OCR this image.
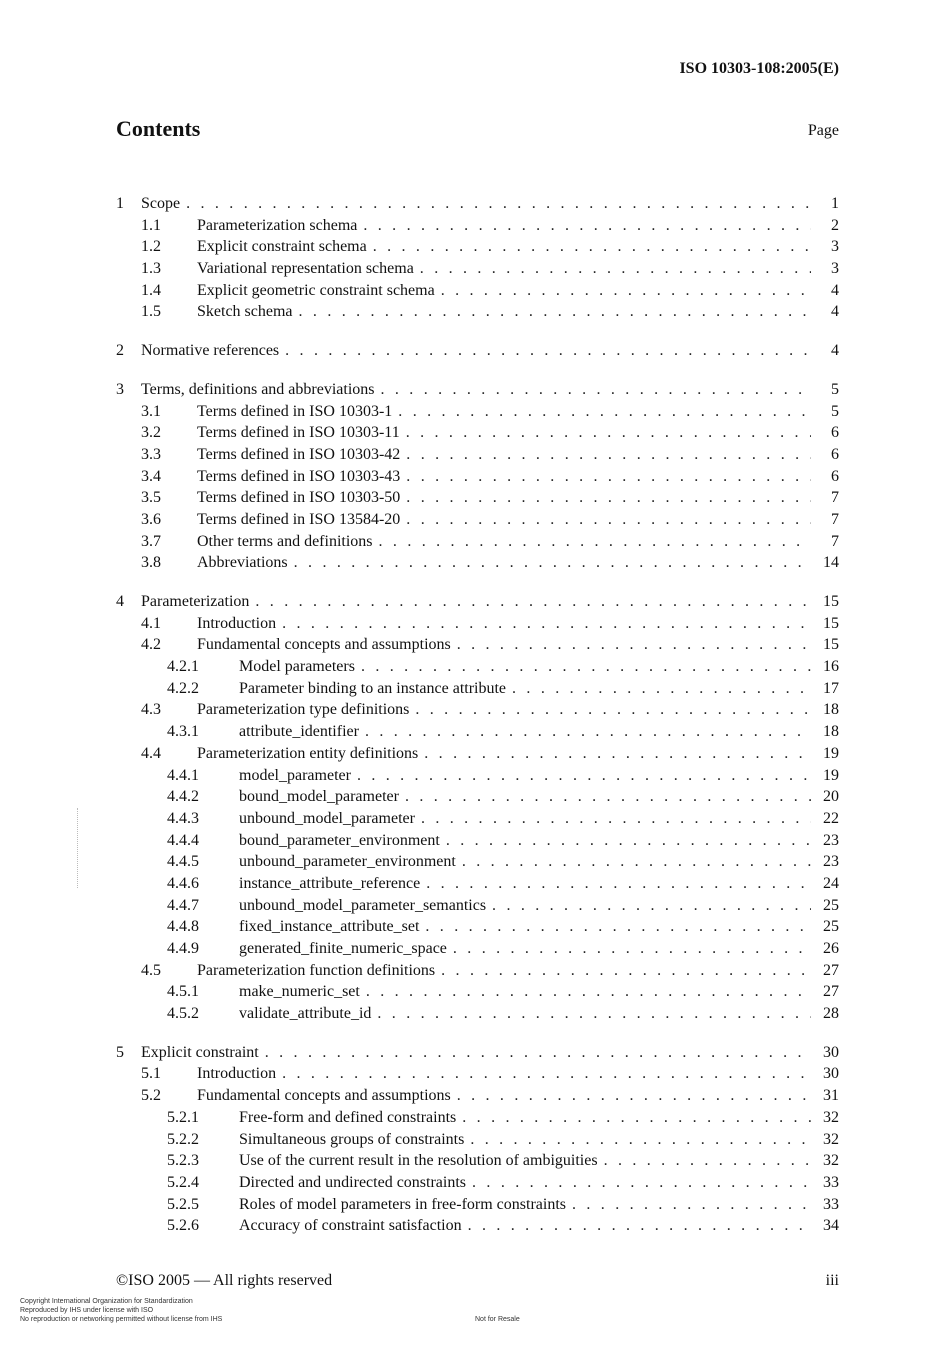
ISO 10303-108:2005(E)

Contents	Page
1	Scope . . .	1
1.1	Parameterization schema . . .	2
1.2	Explicit constraint schema . . .	3
1.3	Variational representation schema . . .	3
1.4	Explicit geometric constraint schema . . .	4
1.5	Sketch schema . . .	4
2	Normative references . . .	4
3	Terms, definitions and abbreviations . . .	5
3.1	Terms defined in ISO 10303-1 . . .	5
3.2	Terms defined in ISO 10303-11 . . .	6
3.3	Terms defined in ISO 10303-42 . . .	6
3.4	Terms defined in ISO 10303-43 . . .	6
3.5	Terms defined in ISO 10303-50 . . .	7
3.6	Terms defined in ISO 13584-20 . . .	7
3.7	Other terms and definitions . . .	7
3.8	Abbreviations . . .	14
4	Parameterization . . .	15
4.1	Introduction . . .	15
4.2	Fundamental concepts and assumptions . . .	15
4.2.1	Model parameters . . .	16
4.2.2	Parameter binding to an instance attribute . . .	17
4.3	Parameterization type definitions . . .	18
4.3.1	attribute_identifier . . .	18
4.4	Parameterization entity definitions . . .	19
4.4.1	model_parameter . . .	19
4.4.2	bound_model_parameter . . .	20
4.4.3	unbound_model_parameter . . .	22
4.4.4	bound_parameter_environment . . .	23
4.4.5	unbound_parameter_environment . . .	23
4.4.6	instance_attribute_reference . . .	24
4.4.7	unbound_model_parameter_semantics . . .	25
4.4.8	fixed_instance_attribute_set . . .	25
4.4.9	generated_finite_numeric_space . . .	26
4.5	Parameterization function definitions . . .	27
4.5.1	make_numeric_set . . .	27
4.5.2	validate_attribute_id . . .	28
5	Explicit constraint . . .	30
5.1	Introduction . . .	30
5.2	Fundamental concepts and assumptions . . .	31
5.2.1	Free-form and defined constraints . . .	32
5.2.2	Simultaneous groups of constraints . . .	32
5.2.3	Use of the current result in the resolution of ambiguities . . .	32
5.2.4	Directed and undirected constraints . . .	33
5.2.5	Roles of model parameters in free-form constraints . . .	33
5.2.6	Accuracy of constraint satisfaction . . .	34
©ISO 2005 — All rights reserved	iii
Copyright International Organization for Standardization
Reproduced by IHS under license with ISO
No reproduction or networking permitted without license from IHS	Not for Resale
